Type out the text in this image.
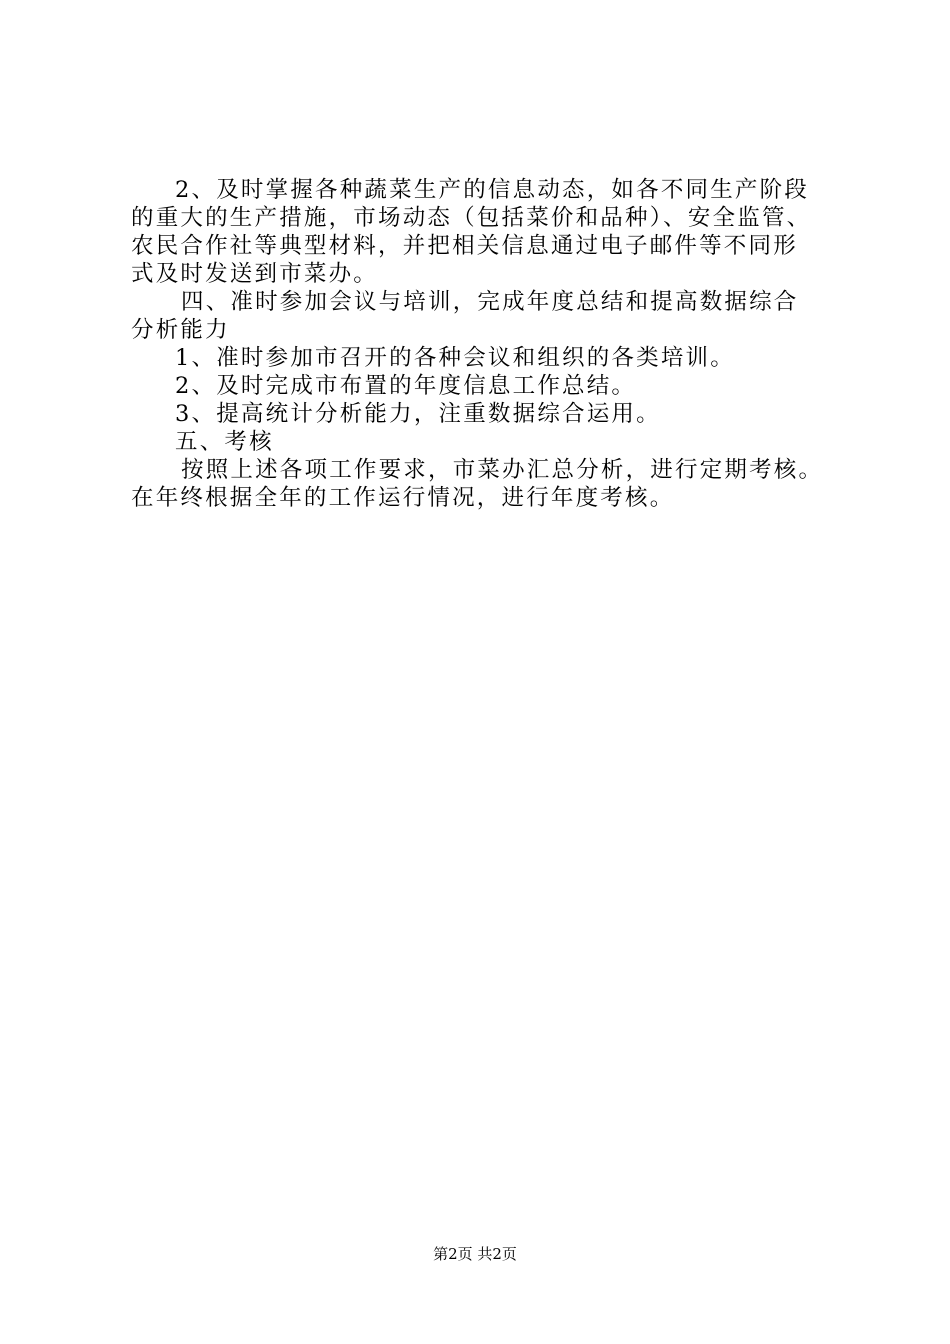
2、及时掌握各种蔬菜生产的信息动态，如各不同生产阶段
的重大的生产措施，市场动态（包括菜价和品种）、安全监管、
农民合作社等典型材料，并把相关信息通过电子邮件等不同形
式及时发送到市菜办。
四、准时参加会议与培训，完成年度总结和提高数据综合
分析能力
1、准时参加市召开的各种会议和组织的各类培训。
2、及时完成市布置的年度信息工作总结。
3、提高统计分析能力，注重数据综合运用。
五、考核
按照上述各项工作要求，市菜办汇总分析，进行定期考核。
在年终根据全年的工作运行情况，进行年度考核。
第2页 共2页
